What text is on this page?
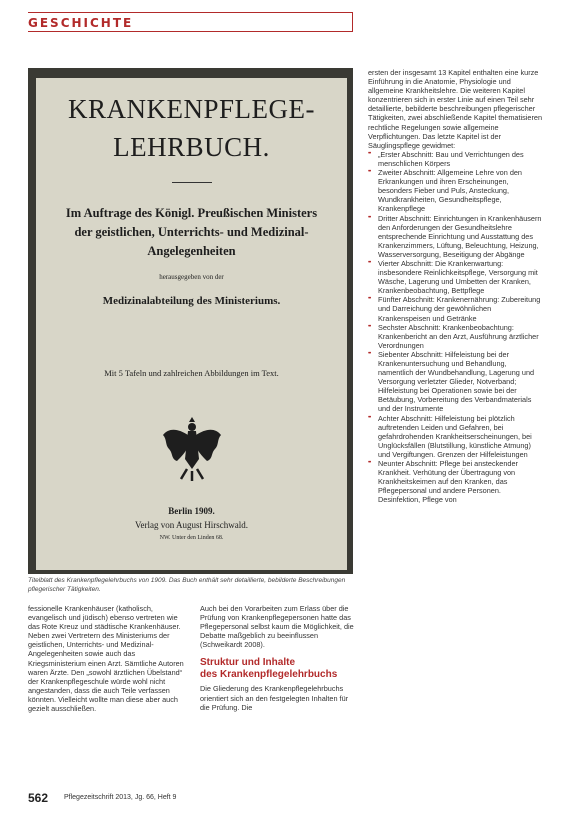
GESCHICHTE
KRANKENPFLEGE-
LEHRBUCH.
Im Auftrage des Königl. Preußischen Ministers
der geistlichen, Unterrichts- und Medizinal-
Angelegenheiten
herausgegeben von der
Medizinalabteilung des Ministeriums.
Mit 5 Tafeln und zahlreichen Abbildungen im Text.
Berlin 1909.
Verlag von August Hirschwald.
NW. Unter den Linden 68.
Titelblatt des Krankenpflegelehrbuchs von 1909. Das Buch enthält sehr detaillierte, bebilderte Beschreibungen pflegerischer Tätigkeiten.

fessionelle Krankenhäuser (katholisch, evangelisch und jüdisch) ebenso vertreten wie das Rote Kreuz und städtische Krankenhäuser. Neben zwei Vertretern des Ministeriums der geistlichen, Unterrichts- und Medizinal-Angelegenheiten sowie auch das Kriegsministerium einen Arzt. Sämtliche Autoren waren Ärzte. Den „sowohl ärztlichen Übelstand“ der Krankenpflegeschule würde wohl nicht angestanden, dass die auch Teile verfassen könnten. Vielleicht wollte man diese aber auch gezielt ausschließen.

Auch bei den Vorarbeiten zum Erlass über die Prüfung von Krankenpflegepersonen hatte das Pflegepersonal selbst kaum die Möglichkeit, die Debatte maßgeblich zu beeinflussen (Schweikardt 2008).

Struktur und Inhalte
des Krankenpflegelehrbuchs

Die Gliederung des Krankenpflegelehrbuchs orientiert sich an den festgelegten Inhalten für die Prüfung. Die

ersten der insgesamt 13 Kapitel enthalten eine kurze Einführung in die Anatomie, Physiologie und allgemeine Krankheitslehre. Die weiteren Kapitel konzentrieren sich in erster Linie auf einen Teil sehr detaillierte, bebilderte beschreibungen pflegerischer Tätigkeiten, zwei abschließende Kapitel thematisieren rechtliche Regelungen sowie allgemeine Verpflichtungen. Das letzte Kapitel ist der Säuglingspflege gewidmet:

•• „Erster Abschnitt: Bau und Verrichtungen des menschlichen Körpers
•• Zweiter Abschnitt: Allgemeine Lehre von den Erkrankungen und ihren Erscheinungen, besonders Fieber und Puls, Ansteckung, Wundkrankheiten, Gesundheitspflege, Krankenpflege
•• Dritter Abschnitt: Einrichtungen in Krankenhäusern den Anforderungen der Gesundheitslehre entsprechende Einrichtung und Ausstattung des Krankenzimmers, Lüftung, Beleuchtung, Heizung, Wasserversorgung, Beseitigung der Abgänge
•• Vierter Abschnitt: Die Krankenwartung: insbesondere Reinlichkeitspflege, Versorgung mit Wäsche, Lagerung und Umbetten der Kranken, Krankenbeobachtung, Bettpflege
•• Fünfter Abschnitt: Krankenernährung: Zubereitung und Darreichung der gewöhnlichen Krankenspeisen und Getränke
•• Sechster Abschnitt: Krankenbeobachtung: Krankenbericht an den Arzt, Ausführung ärztlicher Verordnungen
•• Siebenter Abschnitt: Hilfeleistung bei der Krankenuntersuchung und Behandlung, namentlich der Wundbehandlung, Lagerung und Versorgung verletzter Glieder, Notverband; Hilfeleistung bei Operationen sowie bei der Betäubung, Vorbereitung des Verbandmaterials und der Instrumente
•• Achter Abschnitt: Hilfeleistung bei plötzlich auftretenden Leiden und Gefahren, bei gefahrdrohenden Krankheitserscheinungen, bei Unglücksfällen (Blutstillung, künstliche Atmung) und Vergiftungen. Grenzen der Hilfeleistungen
•• Neunter Abschnitt: Pflege bei ansteckender Krankheit. Verhütung der Übertragung von Krankheitskeimen auf den Kranken, das Pflegepersonal und andere Personen. Desinfektion, Pflege von
562 Pflegezeitschrift 2013, Jg. 66, Heft 9
